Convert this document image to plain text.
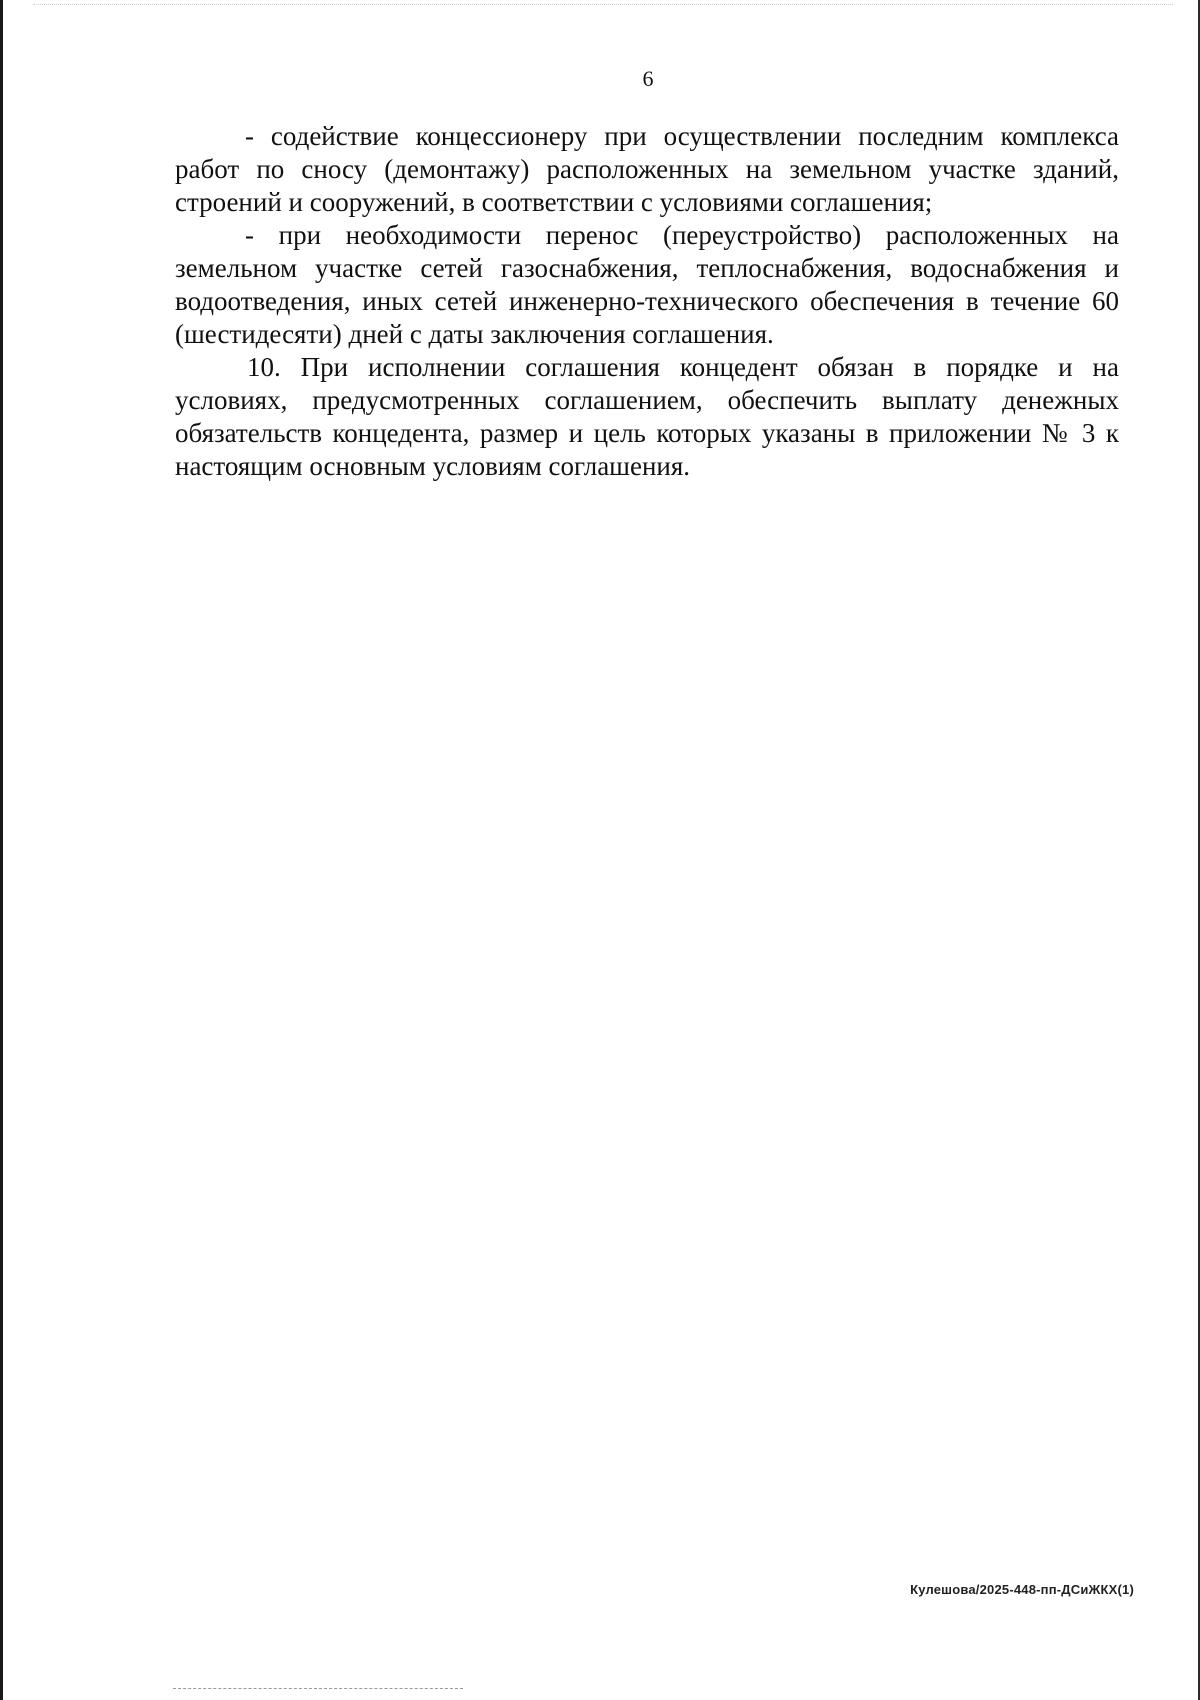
6

- содействие концессионеру при осуществлении последним комплекса работ по сносу (демонтажу) расположенных на земельном участке зданий, строений и сооружений, в соответствии с условиями соглашения;

- при необходимости перенос (переустройство) расположенных на земельном участке сетей газоснабжения, теплоснабжения, водоснабжения и водоотведения, иных сетей инженерно-технического обеспечения в течение 60 (шестидесяти) дней с даты заключения соглашения.

10. При исполнении соглашения концедент обязан в порядке и на условиях, предусмотренных соглашением, обеспечить выплату денежных обязательств концедента, размер и цель которых указаны в приложении № 3 к настоящим основным условиям соглашения.

Кулешова/2025-448-пп-ДСиЖКХ(1)
